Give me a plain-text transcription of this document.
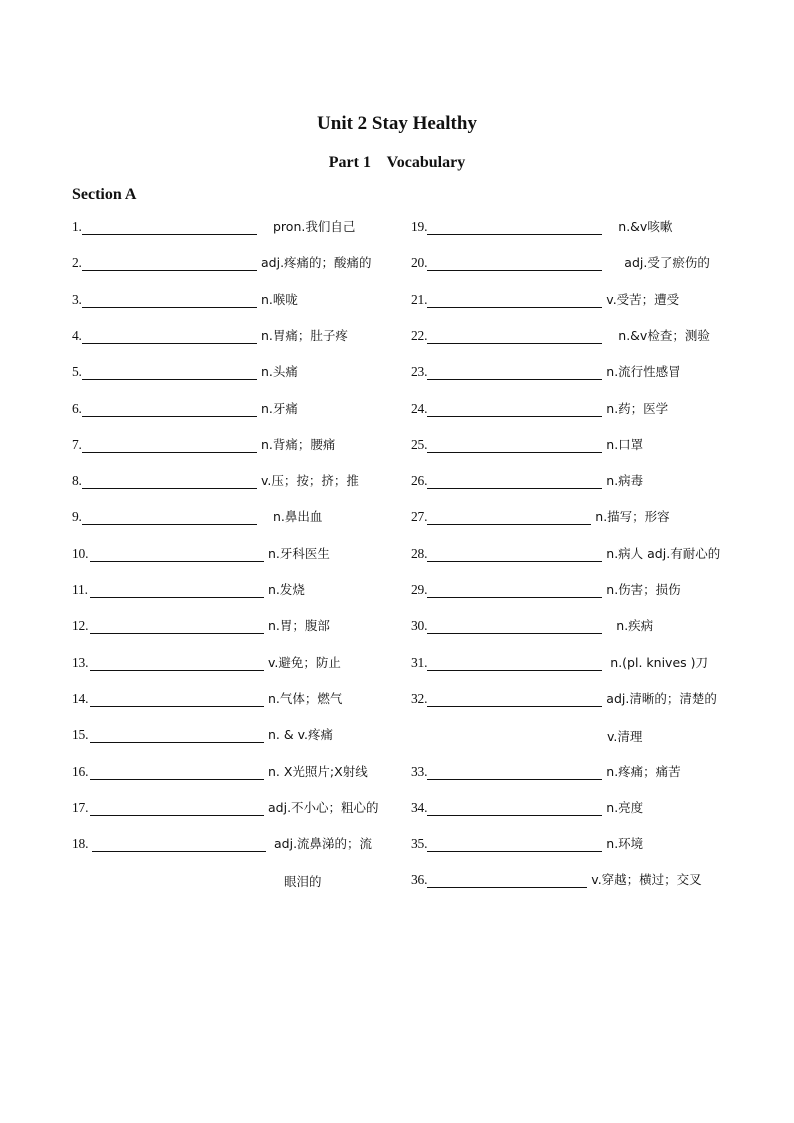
Unit 2 Stay Healthy
Part 1    Vocabulary
Section A
1.	pron.我们自己
2.	adj.疼痛的；酸痛的
3.	n.喉咙
4.	n.胃痛；肚子疼
5.	n.头痛
6.	n.牙痛
7.	n.背痛；腰痛
8.	v.压；按；挤；推
9.	n.鼻出血
10.	n.牙科医生
11.	n.发烧
12.	n.胃；腹部
13.	v.避免；防止
14.	n.气体；燃气
15.	n. & v.疼痛
16.	n. X光照片;X射线
17.	adj.不小心；粗心的
18.	adj.流鼻涕的；流
眼泪的
19.	n.&v咳嗽
20.	adj.受了瘀伤的
21.	v.受苦；遭受
22.	n.&v检查；测验
23.	n.流行性感冒
24.	n.药；医学
25.	n.口罩
26.	n.病毒
27.	n.描写；形容
28.	n.病人 adj.有耐心的
29.	n.伤害；损伤
30.	n.疾病
31.	n.(pl. knives )刀
32.	adj.清晰的；清楚的
v.清理
33.	n.疼痛；痛苦
34.	n.亮度
35.	n.环境
36.	v.穿越；横过；交叉
